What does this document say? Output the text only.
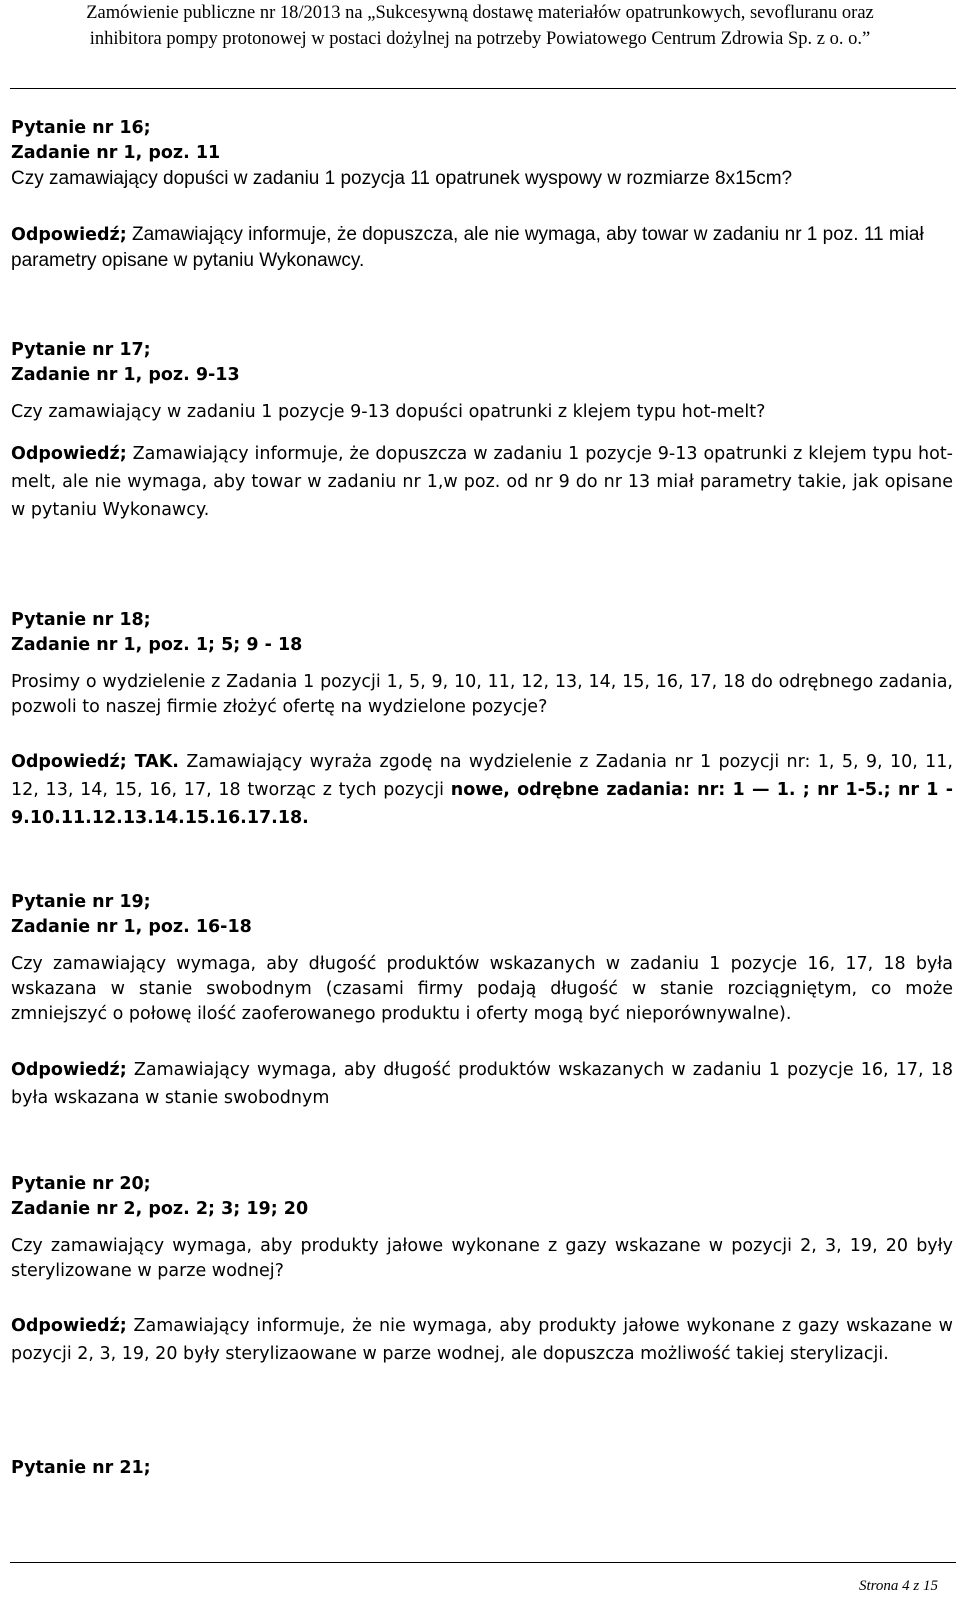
Zamówienie publiczne nr 18/2013 na „Sukcesywną dostawę materiałów opatrunkowych, sevofluranu oraz
inhibitora pompy protonowej w postaci dożylnej na potrzeby Powiatowego Centrum Zdrowia Sp. z o. o.”
Pytanie nr 16;
Zadanie nr 1, poz. 11
Czy zamawiający dopuści w zadaniu 1 pozycja 11 opatrunek wyspowy w rozmiarze 8x15cm?
Odpowiedź; Zamawiający informuje, że dopuszcza, ale nie wymaga, aby towar w zadaniu nr 1 poz. 11 miał parametry opisane w pytaniu Wykonawcy.
Pytanie nr 17;
Zadanie nr 1, poz. 9-13
Czy zamawiający w zadaniu 1 pozycje 9-13 dopuści opatrunki z klejem typu hot-melt?
Odpowiedź; Zamawiający informuje, że dopuszcza w zadaniu 1 pozycje 9-13 opatrunki z klejem typu hot-melt, ale nie wymaga, aby towar w zadaniu nr 1,w poz. od nr 9 do nr 13 miał parametry takie, jak opisane w pytaniu Wykonawcy.
Pytanie nr 18;
Zadanie nr 1, poz. 1; 5; 9 - 18
Prosimy o wydzielenie z Zadania 1 pozycji 1, 5, 9, 10, 11, 12, 13, 14, 15, 16, 17, 18 do odrębnego zadania, pozwoli to naszej firmie złożyć ofertę na wydzielone pozycje?
Odpowiedź; TAK. Zamawiający wyraża zgodę na wydzielenie z Zadania nr 1 pozycji nr: 1, 5, 9, 10, 11, 12, 13, 14, 15, 16, 17, 18 tworząc z tych pozycji nowe, odrębne zadania: nr: 1 — 1. ; nr 1-5.; nr 1 - 9.10.11.12.13.14.15.16.17.18.
Pytanie nr 19;
Zadanie nr 1, poz. 16-18
Czy zamawiający wymaga, aby długość produktów wskazanych w zadaniu 1 pozycje 16, 17, 18 była wskazana w stanie swobodnym (czasami firmy podają długość w stanie rozciągniętym, co może zmniejszyć o połowę ilość zaoferowanego produktu i oferty mogą być nieporównywalne).
Odpowiedź; Zamawiający wymaga, aby długość produktów wskazanych w zadaniu 1 pozycje 16, 17, 18 była wskazana w stanie swobodnym
Pytanie nr 20;
Zadanie nr 2, poz. 2; 3; 19; 20
Czy zamawiający wymaga, aby produkty jałowe wykonane z gazy wskazane w pozycji 2, 3, 19, 20 były sterylizowane w parze wodnej?
Odpowiedź; Zamawiający informuje, że nie wymaga, aby produkty jałowe wykonane z gazy wskazane w pozycji 2, 3, 19, 20 były sterylizaowane w parze wodnej, ale dopuszcza możliwość takiej sterylizacji.
Pytanie nr 21;
Strona 4 z 15
